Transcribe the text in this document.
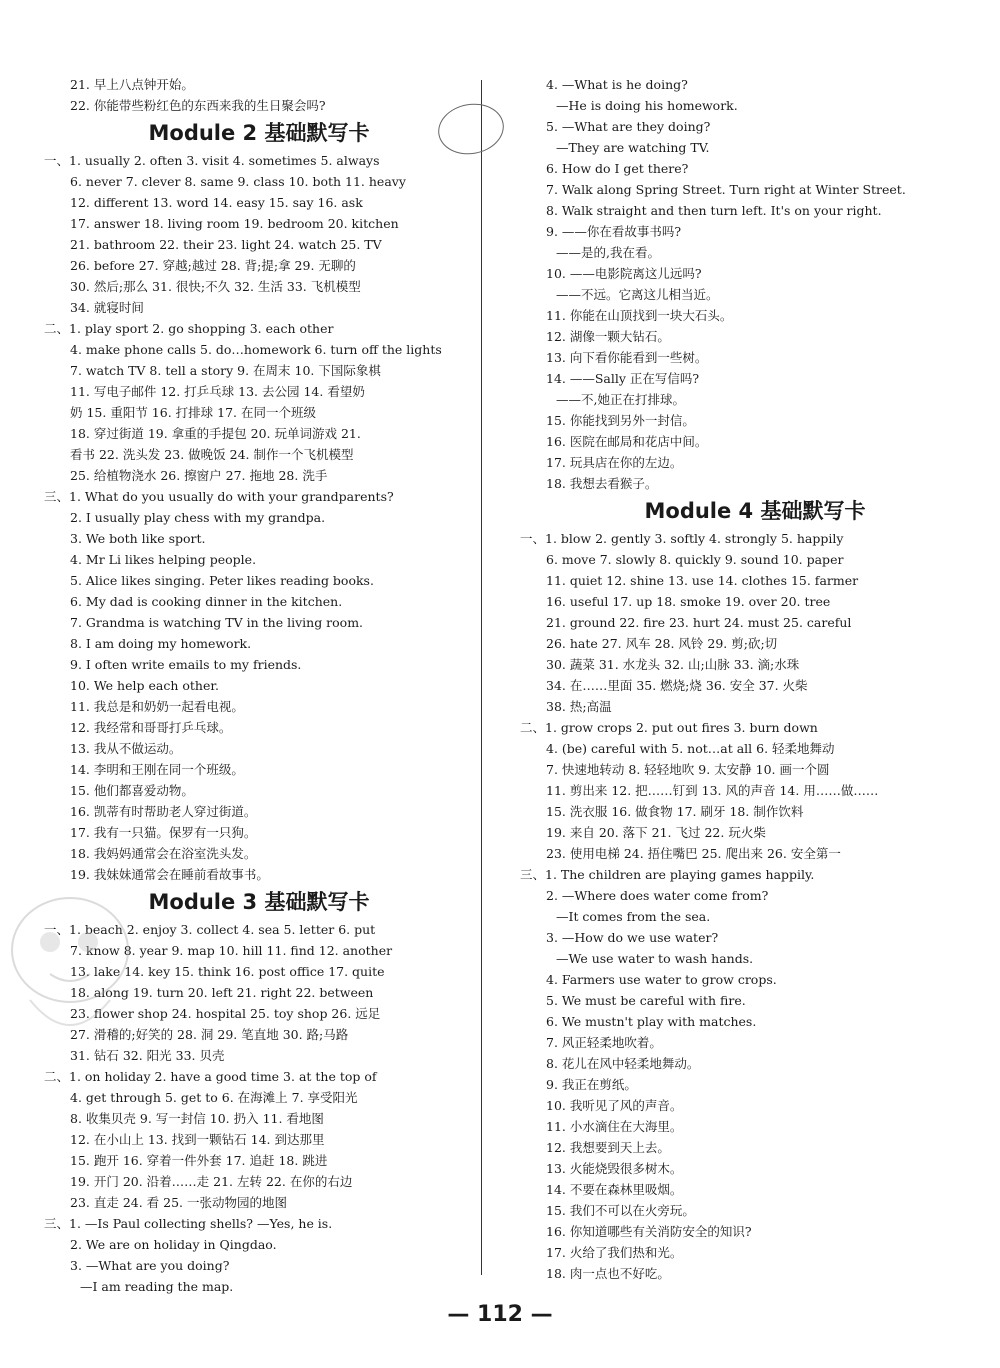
21. 早上八点钟开始。
22. 你能带些粉红色的东西来我的生日聚会吗?
Module 2 基础默写卡
一、1. usually 2. often 3. visit 4. sometimes 5. always
6. never 7. clever 8. same 9. class 10. both 11. heavy
12. different 13. word 14. easy 15. say 16. ask
17. answer 18. living room 19. bedroom 20. kitchen
21. bathroom 22. their 23. light 24. watch 25. TV
26. before 27. 穿越;越过 28. 背;提;拿 29. 无聊的
30. 然后;那么 31. 很快;不久 32. 生活 33. 飞机模型
34. 就寝时间
二、1. play sport 2. go shopping 3. each other
4. make phone calls 5. do…homework 6. turn off the lights
7. watch TV 8. tell a story 9. 在周末 10. 下国际象棋
11. 写电子邮件 12. 打乒乓球 13. 去公园 14. 看望奶
奶 15. 重阳节 16. 打排球 17. 在同一个班级
18. 穿过街道 19. 拿重的手提包 20. 玩单词游戏 21.
看书 22. 洗头发 23. 做晚饭 24. 制作一个飞机模型
25. 给植物浇水 26. 擦窗户 27. 拖地 28. 洗手
三、1. What do you usually do with your grandparents?
2. I usually play chess with my grandpa.
3. We both like sport.
4. Mr Li likes helping people.
5. Alice likes singing. Peter likes reading books.
6. My dad is cooking dinner in the kitchen.
7. Grandma is watching TV in the living room.
8. I am doing my homework.
9. I often write emails to my friends.
10. We help each other.
11. 我总是和奶奶一起看电视。
12. 我经常和哥哥打乒乓球。
13. 我从不做运动。
14. 李明和王刚在同一个班级。
15. 他们都喜爱动物。
16. 凯蒂有时帮助老人穿过街道。
17. 我有一只猫。保罗有一只狗。
18. 我妈妈通常会在浴室洗头发。
19. 我妹妹通常会在睡前看故事书。
Module 3 基础默写卡
一、1. beach 2. enjoy 3. collect 4. sea 5. letter 6. put
7. know 8. year 9. map 10. hill 11. find 12. another
13. lake 14. key 15. think 16. post office 17. quite
18. along 19. turn 20. left 21. right 22. between
23. flower shop 24. hospital 25. toy shop 26. 远足
27. 滑稽的;好笑的 28. 洞 29. 笔直地 30. 路;马路
31. 钻石 32. 阳光 33. 贝壳
二、1. on holiday 2. have a good time 3. at the top of
4. get through 5. get to 6. 在海滩上 7. 享受阳光
8. 收集贝壳 9. 写一封信 10. 扔入 11. 看地图
12. 在小山上 13. 找到一颗钻石 14. 到达那里
15. 跑开 16. 穿着一件外套 17. 追赶 18. 跳进
19. 开门 20. 沿着……走 21. 左转 22. 在你的右边
23. 直走 24. 看 25. 一张动物园的地图
三、1. —Is Paul collecting shells? —Yes, he is.
2. We are on holiday in Qingdao.
3. —What are you doing?
—I am reading the map.
4. —What is he doing?
—He is doing his homework.
5. —What are they doing?
—They are watching TV.
6. How do I get there?
7. Walk along Spring Street. Turn right at Winter Street.
8. Walk straight and then turn left. It's on your right.
9. ——你在看故事书吗?
——是的,我在看。
10. ——电影院离这儿远吗?
——不远。它离这儿相当近。
11. 你能在山顶找到一块大石头。
12. 湖像一颗大钻石。
13. 向下看你能看到一些树。
14. ——Sally 正在写信吗?
——不,她正在打排球。
15. 你能找到另外一封信。
16. 医院在邮局和花店中间。
17. 玩具店在你的左边。
18. 我想去看猴子。
Module 4 基础默写卡
一、1. blow 2. gently 3. softly 4. strongly 5. happily
6. move 7. slowly 8. quickly 9. sound 10. paper
11. quiet 12. shine 13. use 14. clothes 15. farmer
16. useful 17. up 18. smoke 19. over 20. tree
21. ground 22. fire 23. hurt 24. must 25. careful
26. hate 27. 风车 28. 风铃 29. 剪;砍;切
30. 蔬菜 31. 水龙头 32. 山;山脉 33. 滴;水珠
34. 在……里面 35. 燃烧;烧 36. 安全 37. 火柴
38. 热;高温
二、1. grow crops 2. put out fires 3. burn down
4. (be) careful with 5. not…at all 6. 轻柔地舞动
7. 快速地转动 8. 轻轻地吹 9. 太安静 10. 画一个圆
11. 剪出来 12. 把……钉到 13. 风的声音 14. 用……做……
15. 洗衣服 16. 做食物 17. 刷牙 18. 制作饮料
19. 来自 20. 落下 21. 飞过 22. 玩火柴
23. 使用电梯 24. 捂住嘴巴 25. 爬出来 26. 安全第一
三、1. The children are playing games happily.
2. —Where does water come from?
—It comes from the sea.
3. —How do we use water?
—We use water to wash hands.
4. Farmers use water to grow crops.
5. We must be careful with fire.
6. We mustn't play with matches.
7. 风正轻柔地吹着。
8. 花儿在风中轻柔地舞动。
9. 我正在剪纸。
10. 我听见了风的声音。
11. 小水滴住在大海里。
12. 我想要到天上去。
13. 火能烧毁很多树木。
14. 不要在森林里吸烟。
15. 我们不可以在火旁玩。
16. 你知道哪些有关消防安全的知识?
17. 火给了我们热和光。
18. 肉一点也不好吃。
— 112 —
